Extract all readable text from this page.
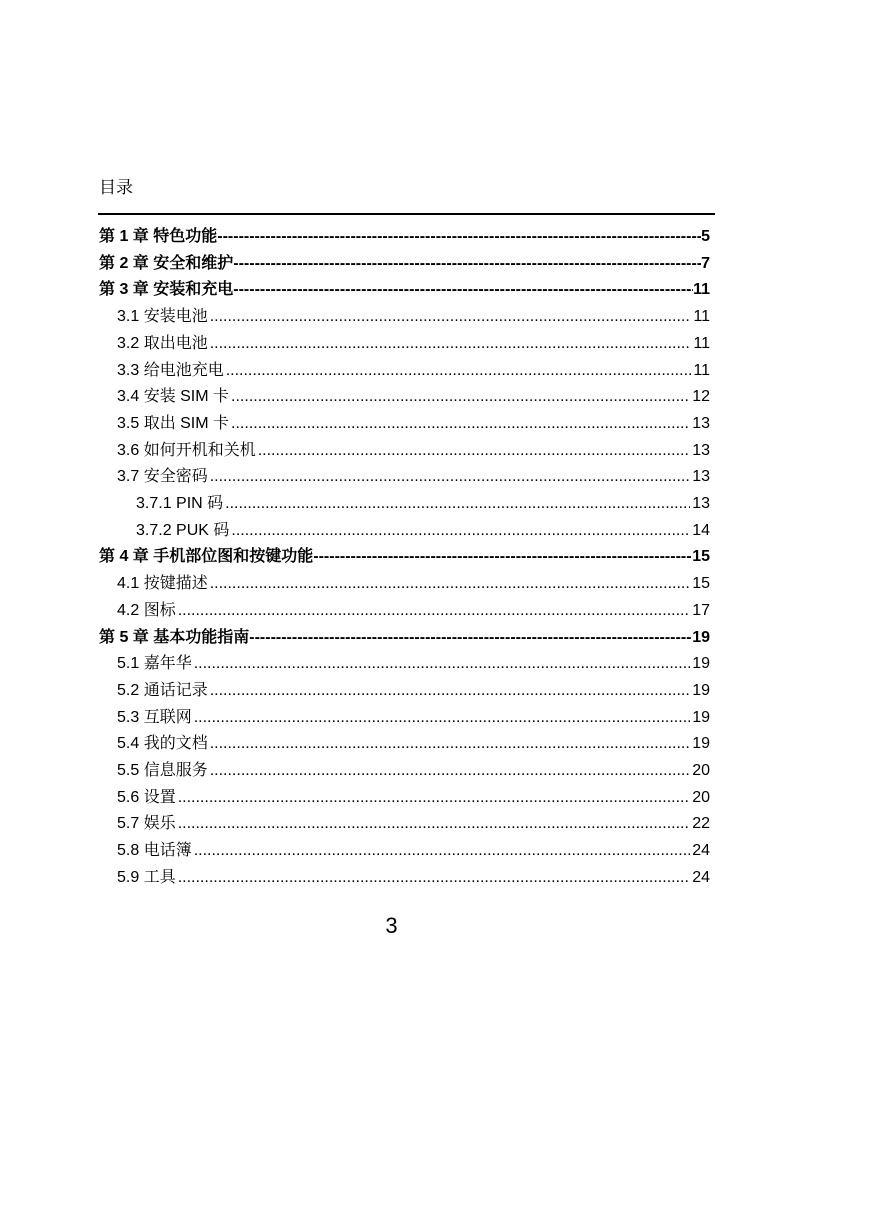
目录
第 1 章 特色功能 -----	5
第 2 章 安全和维护 -----	7
第 3 章 安装和充电 -----	11
3.1 安装电池 .....	11
3.2 取出电池 .....	11
3.3 给电池充电 .....	11
3.4 安装 SIM 卡 .....	12
3.5 取出 SIM 卡 .....	13
3.6 如何开机和关机 .....	13
3.7 安全密码 .....	13
3.7.1 PIN 码 .....	13
3.7.2 PUK 码 .....	14
第 4 章 手机部位图和按键功能 -----	15
4.1 按键描述 .....	15
4.2 图标 .....	17
第 5 章 基本功能指南 -----	19
5.1 嘉年华 .....	19
5.2 通话记录 .....	19
5.3 互联网 .....	19
5.4 我的文档 .....	19
5.5 信息服务 .....	20
5.6 设置 .....	20
5.7 娱乐 .....	22
5.8 电话簿 .....	24
5.9 工具 .....	24
3
